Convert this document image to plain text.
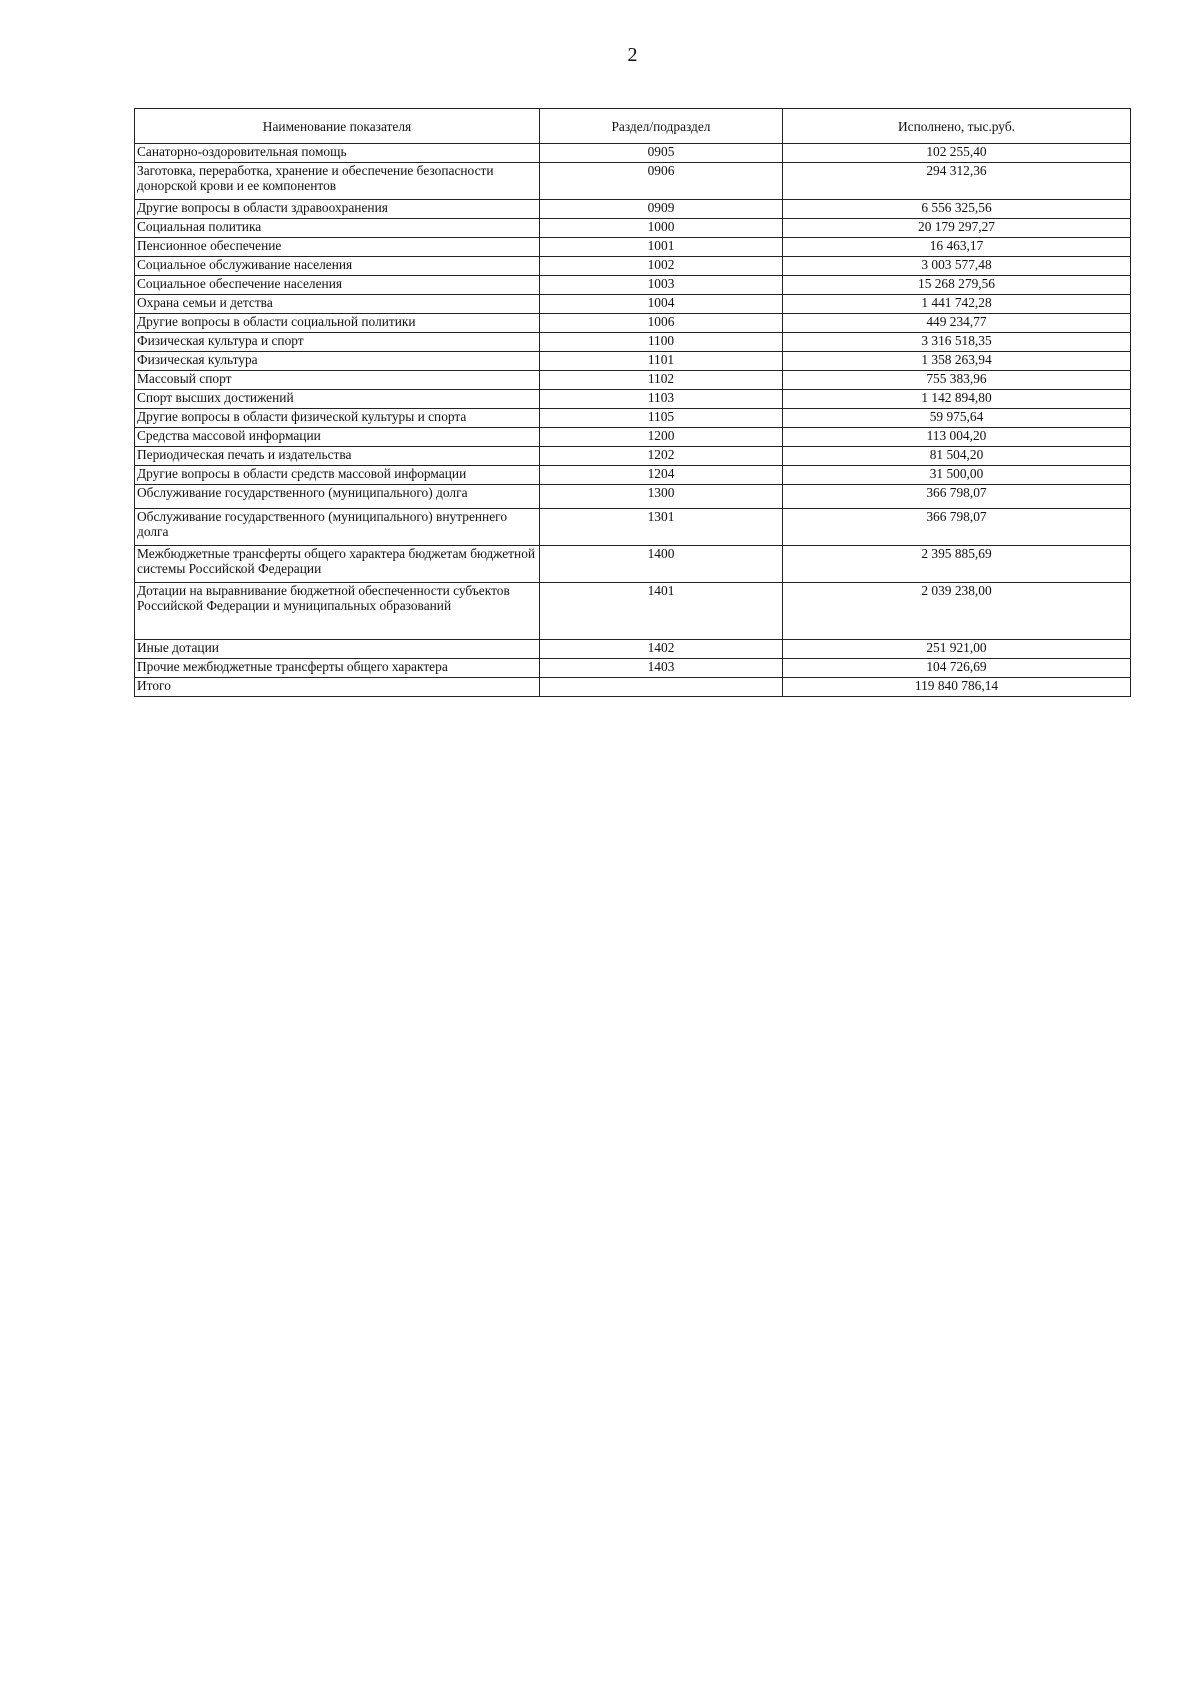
2
Наименование показателя	Раздел/подраздел	Исполнено, тыс.руб.
Санаторно-оздоровительная помощь	0905	102 255,40
Заготовка, переработка, хранение и обеспечение безопасности донорской крови и ее компонентов	0906	294 312,36
Другие вопросы в области здравоохранения	0909	6 556 325,56
Социальная политика	1000	20 179 297,27
Пенсионное обеспечение	1001	16 463,17
Социальное обслуживание населения	1002	3 003 577,48
Социальное обеспечение населения	1003	15 268 279,56
Охрана семьи и детства	1004	1 441 742,28
Другие вопросы в области социальной политики	1006	449 234,77
Физическая культура и спорт	1100	3 316 518,35
Физическая культура	1101	1 358 263,94
Массовый спорт	1102	755 383,96
Спорт высших достижений	1103	1 142 894,80
Другие вопросы в области физической культуры и спорта	1105	59 975,64
Средства массовой информации	1200	113 004,20
Периодическая печать и издательства	1202	81 504,20
Другие вопросы в области средств массовой информации	1204	31 500,00
Обслуживание государственного (муниципального) долга	1300	366 798,07
Обслуживание государственного (муниципального) внутреннего долга	1301	366 798,07
Межбюджетные трансферты общего характера бюджетам бюджетной системы Российской Федерации	1400	2 395 885,69
Дотации на выравнивание бюджетной обеспеченности субъектов Российской Федерации и муниципальных образований	1401	2 039 238,00
Иные дотации	1402	251 921,00
Прочие межбюджетные трансферты общего характера	1403	104 726,69
Итого		119 840 786,14
